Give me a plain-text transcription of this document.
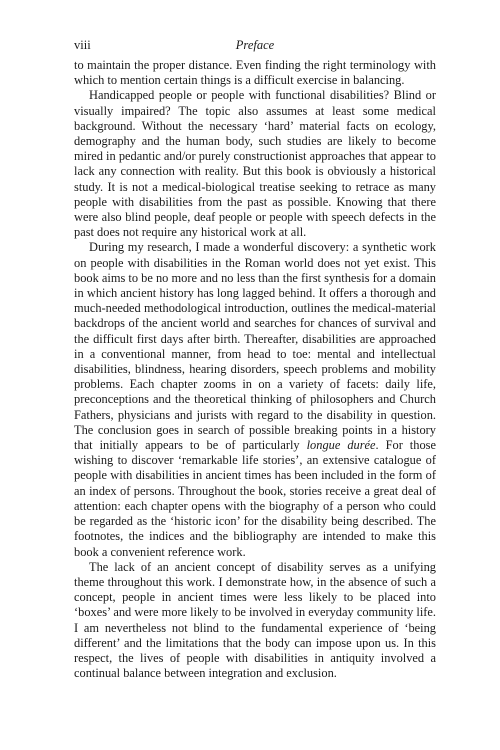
viii	Preface

to maintain the proper distance. Even finding the right terminology with which to mention certain things is a difficult exercise in balancing.

Handicapped people or people with functional disabilities? Blind or visually impaired? The topic also assumes at least some medical background. Without the necessary ‘hard’ material facts on ecology, demography and the human body, such studies are likely to become mired in pedantic and/or purely constructionist approaches that appear to lack any connection with reality. But this book is obviously a historical study. It is not a medical-biological treatise seeking to retrace as many people with disabilities from the past as possible. Knowing that there were also blind people, deaf people or people with speech defects in the past does not require any historical work at all.

During my research, I made a wonderful discovery: a synthetic work on people with disabilities in the Roman world does not yet exist. This book aims to be no more and no less than the first synthesis for a domain in which ancient history has long lagged behind. It offers a thorough and much-needed methodological introduction, outlines the medical-material backdrops of the ancient world and searches for chances of survival and the difficult first days after birth. Thereafter, disabilities are approached in a conventional manner, from head to toe: mental and intellectual disabilities, blindness, hearing disorders, speech problems and mobility problems. Each chapter zooms in on a variety of facets: daily life, preconceptions and the theoretical thinking of philosophers and Church Fathers, physicians and jurists with regard to the disability in question. The conclusion goes in search of possible breaking points in a history that initially appears to be of particularly longue durée. For those wishing to discover ‘remarkable life stories’, an extensive catalogue of people with disabilities in ancient times has been included in the form of an index of persons. Throughout the book, stories receive a great deal of attention: each chapter opens with the biography of a person who could be regarded as the ‘historic icon’ for the disability being described. The footnotes, the indices and the bibliography are intended to make this book a convenient reference work.

The lack of an ancient concept of disability serves as a unifying theme throughout this work. I demonstrate how, in the absence of such a concept, people in ancient times were less likely to be placed into ‘boxes’ and were more likely to be involved in everyday community life. I am nevertheless not blind to the fundamental experience of ‘being different’ and the limitations that the body can impose upon us. In this respect, the lives of people with disabilities in antiquity involved a continual balance between integration and exclusion.
